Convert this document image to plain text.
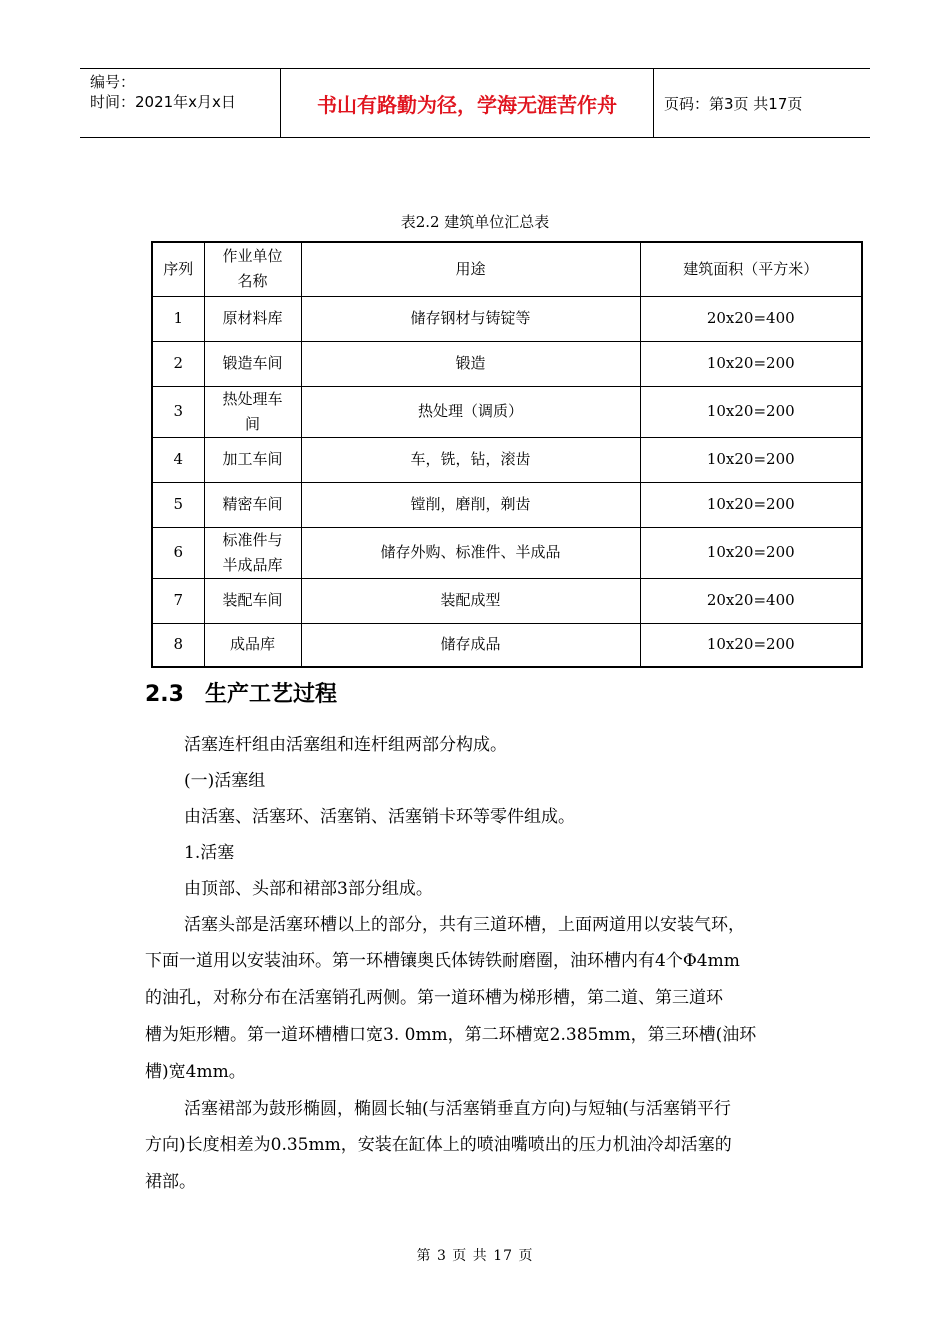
编号：
时间：2021年x月x日	书山有路勤为径，学海无涯苦作舟	页码：第3页 共17页
表2.2 建筑单位汇总表
序列	作业单位名称	用途	建筑面积（平方米）
1	原材料库	储存钢材与铸锭等	20x20=400
2	锻造车间	锻造	10x20=200
3	热处理车间	热处理（调质）	10x20=200
4	加工车间	车，铣，钻，滚齿	10x20=200
5	精密车间	镗削，磨削，剃齿	10x20=200
6	标准件与半成品库	储存外购、标准件、半成品	10x20=200
7	装配车间	装配成型	20x20=400
8	成品库	储存成品	10x20=200
2.3 生产工艺过程

活塞连杆组由活塞组和连杆组两部分构成。

(一)活塞组

由活塞、活塞环、活塞销、活塞销卡环等零件组成。

1.活塞

由顶部、头部和裙部3部分组成。

活塞头部是活塞环槽以上的部分，共有三道环槽，上面两道用以安装气环，

下面一道用以安装油环。第一环槽镶奥氏体铸铁耐磨圈，油环槽内有4个Φ4mm

的油孔，对称分布在活塞销孔两侧。第一道环槽为梯形槽，第二道、第三道环

槽为矩形糟。第一道环槽槽口宽3. 0mm，第二环槽宽2.385mm，第三环槽(油环

槽)宽4mm。

活塞裙部为鼓形椭圆，椭圆长轴(与活塞销垂直方向)与短轴(与活塞销平行

方向)长度相差为0.35mm，安装在缸体上的喷油嘴喷出的压力机油冷却活塞的

裙部。

第 3 页 共 17 页
